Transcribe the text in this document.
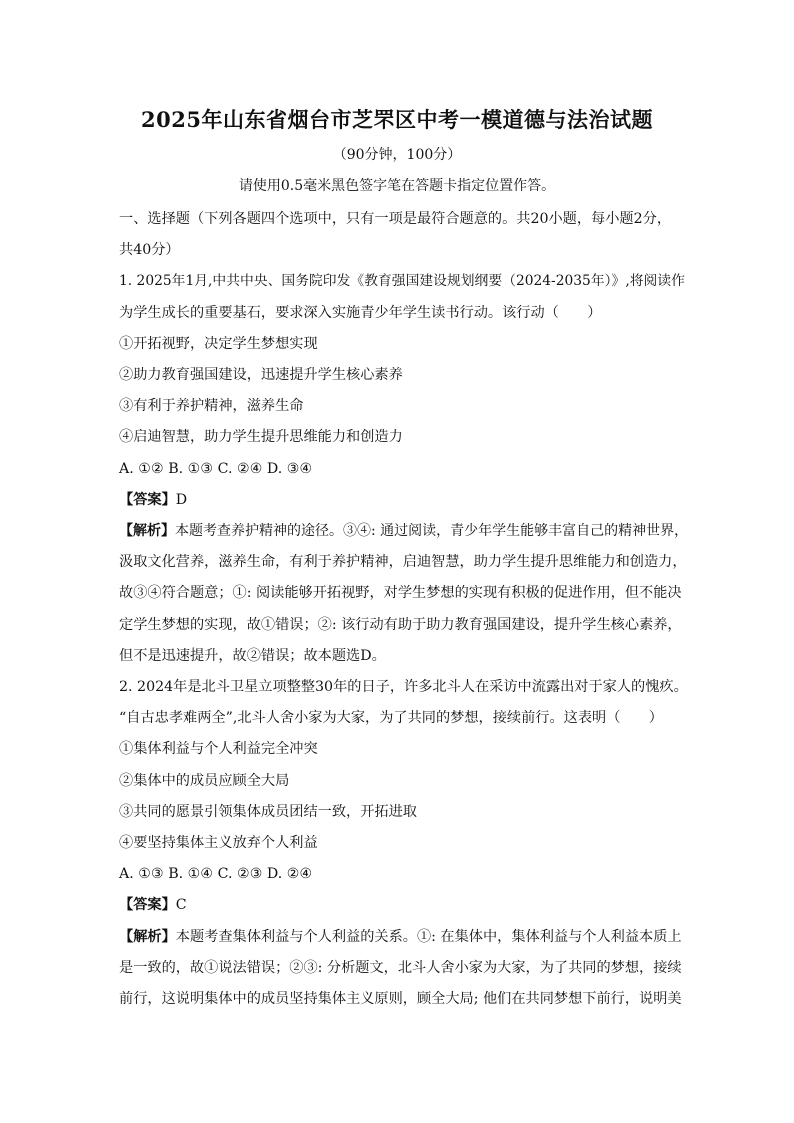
2025年山东省烟台市芝罘区中考一模道德与法治试题
（90分钟，100分）
请使用0.5毫米黑色签字笔在答题卡指定位置作答。
一、选择题（下列各题四个选项中，只有一项是最符合题意的。共20小题，每小题2分，
共40分）
1. 2025年1月,中共中央、国务院印发《教育强国建设规划纲要（2024-2035年）》,将阅读作
为学生成长的重要基石，要求深入实施青少年学生读书行动。该行动（　　）
①开拓视野，决定学生梦想实现
②助力教育强国建设，迅速提升学生核心素养
③有利于养护精神，滋养生命
④启迪智慧，助力学生提升思维能力和创造力
A. ①② B. ①③ C. ②④ D. ③④
【答案】D
【解析】本题考查养护精神的途径。③④: 通过阅读，青少年学生能够丰富自己的精神世界，
汲取文化营养，滋养生命，有利于养护精神，启迪智慧，助力学生提升思维能力和创造力，
故③④符合题意；①: 阅读能够开拓视野，对学生梦想的实现有积极的促进作用，但不能决
定学生梦想的实现，故①错误；②: 该行动有助于助力教育强国建设，提升学生核心素养，
但不是迅速提升，故②错误；故本题选D。
2. 2024年是北斗卫星立项整整30年的日子，许多北斗人在采访中流露出对于家人的愧疚。
“自古忠孝难两全”,北斗人舍小家为大家，为了共同的梦想，接续前行。这表明（　　）
①集体利益与个人利益完全冲突
②集体中的成员应顾全大局
③共同的愿景引领集体成员团结一致，开拓进取
④要坚持集体主义放弃个人利益
A. ①③ B. ①④ C. ②③ D. ②④
【答案】C
【解析】本题考查集体利益与个人利益的关系。①: 在集体中，集体利益与个人利益本质上
是一致的，故①说法错误；②③: 分析题文，北斗人舍小家为大家，为了共同的梦想，接续
前行，这说明集体中的成员坚持集体主义原则，顾全大局; 他们在共同梦想下前行，说明美
